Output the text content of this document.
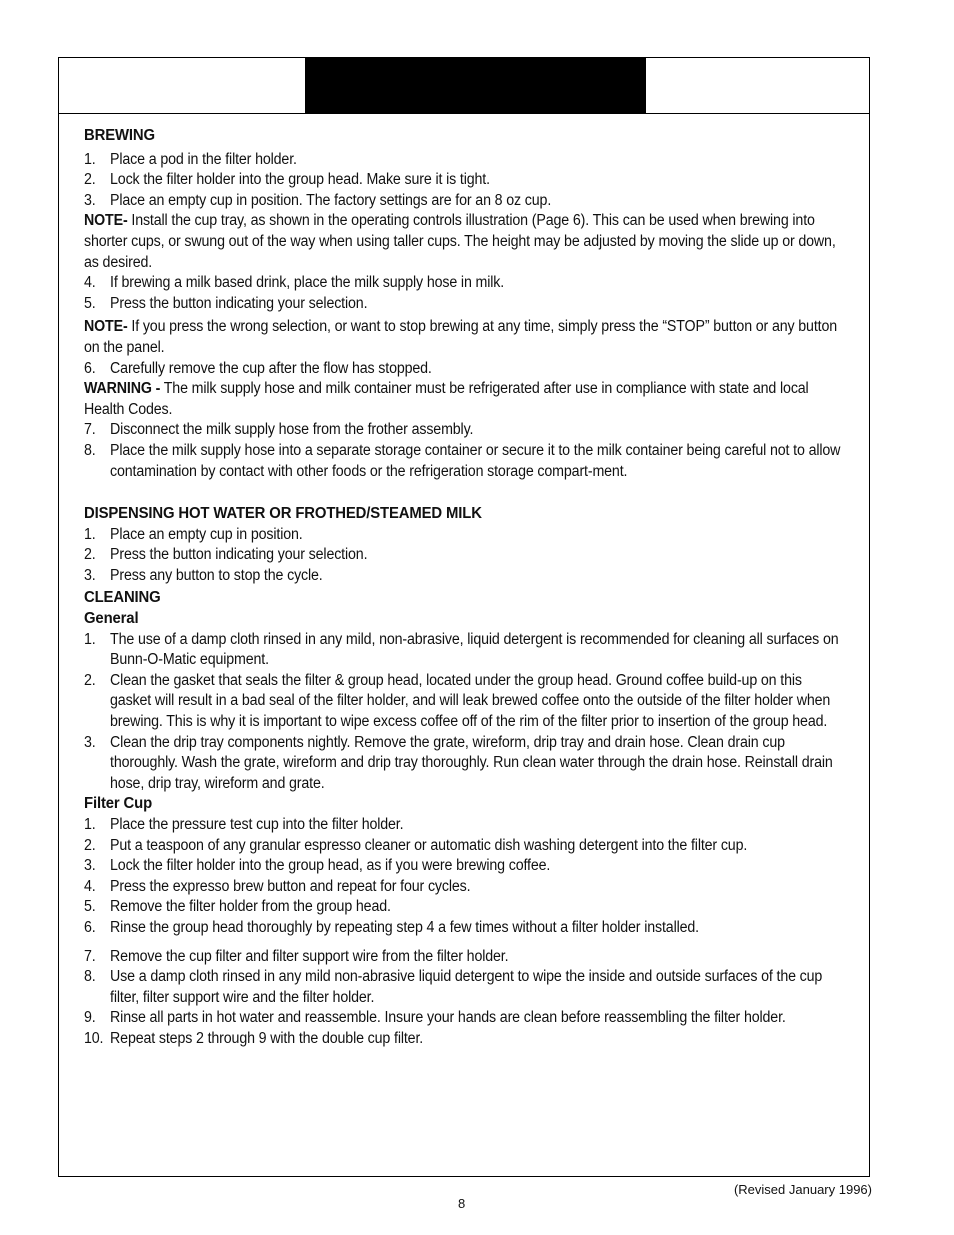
BREWING
1. Place a pod in the filter holder.
2. Lock the filter holder into the group head. Make sure it is tight.
3. Place an empty cup in position. The factory settings are for an 8 oz cup.
NOTE- Install the cup tray, as shown in the operating controls illustration (Page 6). This can be used when brewing into shorter cups, or swung out of the way when using taller cups. The height may be adjusted by moving the slide up or down, as desired.
4. If brewing a milk based drink, place the milk supply hose in milk.
5. Press the button indicating your selection.
NOTE- If you press the wrong selection, or want to stop brewing at any time, simply press the “STOP” button or any button on the panel.
6. Carefully remove the cup after the flow has stopped.
WARNING - The milk supply hose and milk container must be refrigerated after use in compliance with state and local Health Codes.
7. Disconnect the milk supply hose from the frother assembly.
8. Place the milk supply hose into a separate storage container or secure it to the milk container being careful not to allow contamination by contact with other foods or the refrigeration storage compart-ment.
DISPENSING HOT WATER OR FROTHED/STEAMED MILK
1. Place an empty cup in position.
2. Press the button indicating your selection.
3. Press any button to stop the cycle.
CLEANING
General
1. The use of a damp cloth rinsed in any mild, non-abrasive, liquid detergent is recommended for cleaning all surfaces on Bunn-O-Matic equipment.
2. Clean the gasket that seals the filter & group head, located under the group head. Ground coffee build-up on this gasket will result in a bad seal of the filter holder, and will leak brewed coffee onto the outside of the filter holder when brewing. This is why it is important to wipe excess coffee off of the rim of the filter prior to insertion of the group head.
3. Clean the drip tray components nightly. Remove the grate, wireform, drip tray and drain hose. Clean drain cup thoroughly. Wash the grate, wireform and drip tray thoroughly. Run clean water through the drain hose. Reinstall drain hose, drip tray, wireform and grate.
Filter Cup
1. Place the pressure test cup into the filter holder.
2. Put a teaspoon of any granular espresso cleaner or automatic dish washing detergent into the filter cup.
3. Lock the filter holder into the group head, as if you were brewing coffee.
4. Press the expresso brew button and repeat for four cycles.
5. Remove the filter holder from the group head.
6. Rinse the group head thoroughly by repeating step 4 a few times without a filter holder installed.
7. Remove the cup filter and filter support wire from the filter holder.
8. Use a damp cloth rinsed in any mild non-abrasive liquid detergent to wipe the inside and outside surfaces of the cup filter, filter support wire and the filter holder.
9. Rinse all parts in hot water and reassemble. Insure your hands are clean before reassembling the filter holder.
10. Repeat steps 2 through 9 with the double cup filter.
(Revised January 1996)
8
